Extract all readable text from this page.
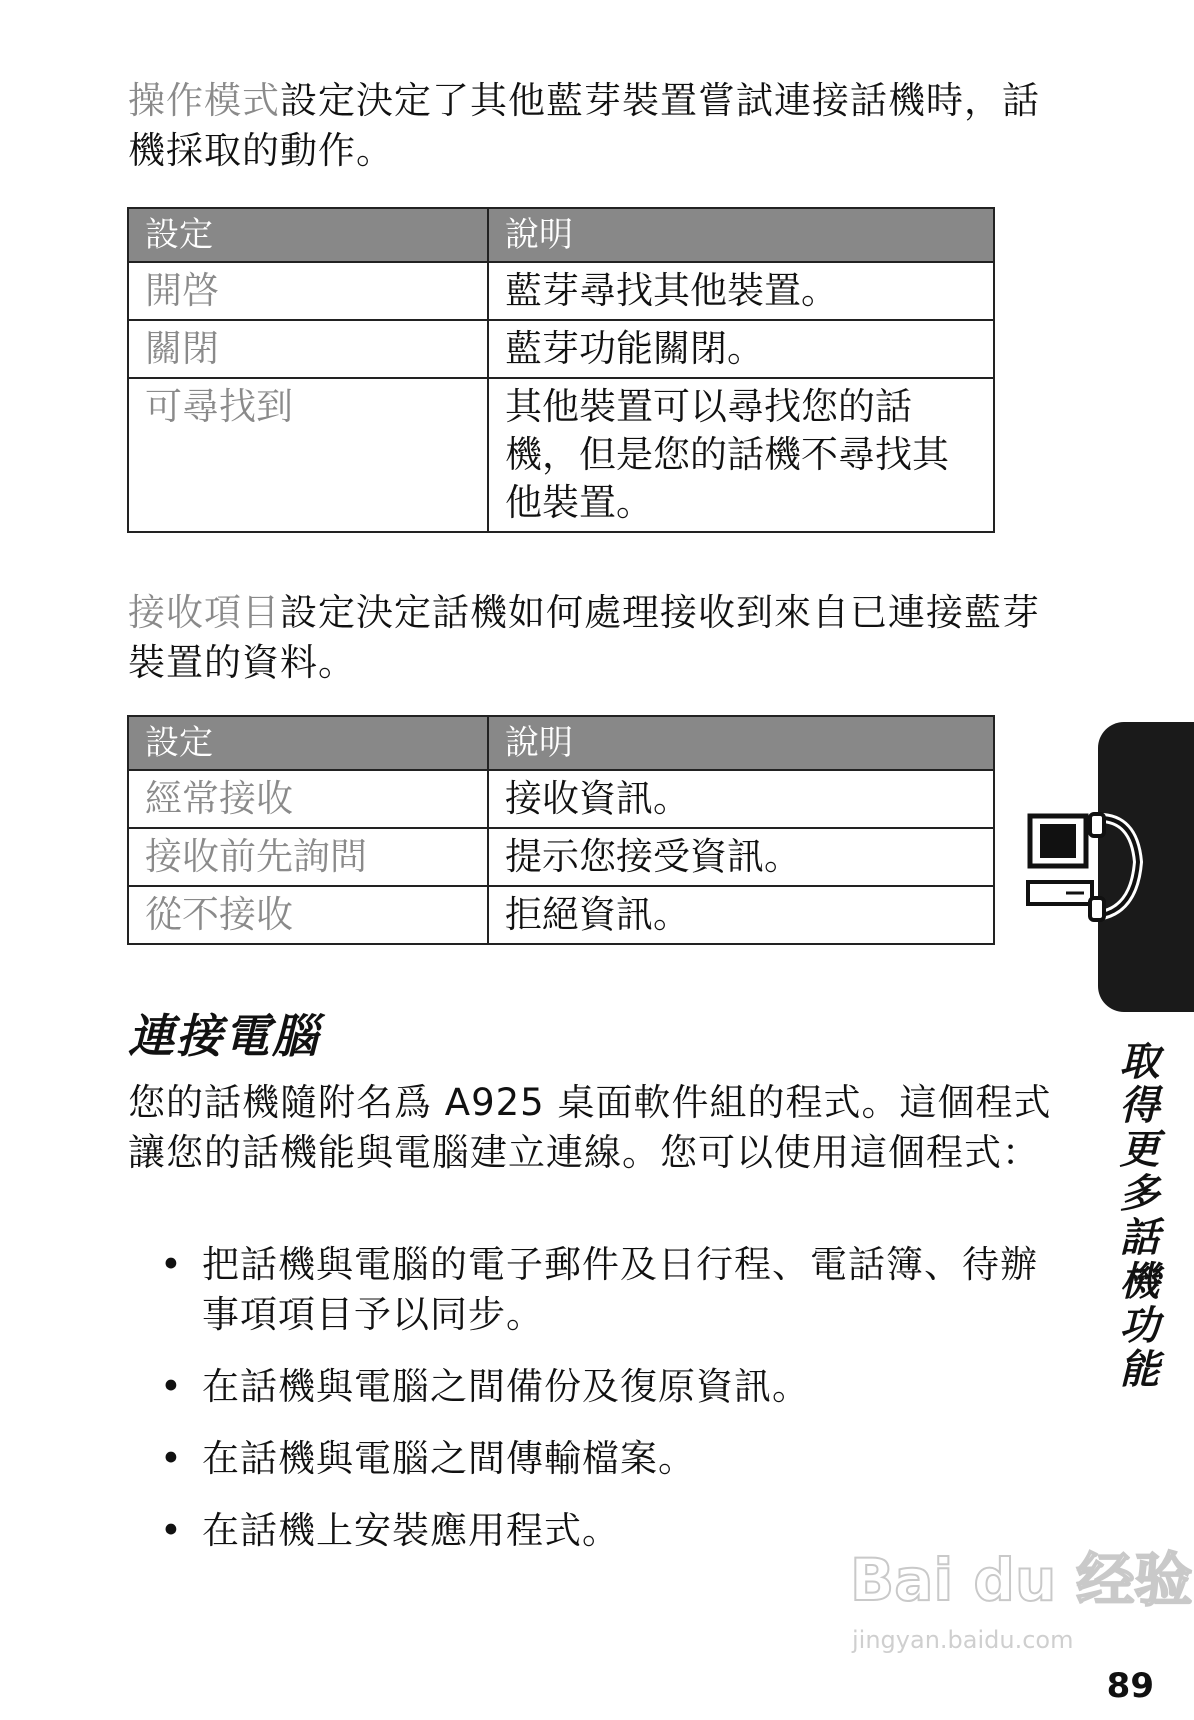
操作模式設定決定了其他藍芽裝置嘗試連接話機時，話機採取的動作。

設定	說明
開啓	藍芽尋找其他裝置。
關閉	藍芽功能關閉。
可尋找到	其他裝置可以尋找您的話機，但是您的話機不尋找其他裝置。

接收項目設定決定話機如何處理接收到來自已連接藍芽裝置的資料。

設定	說明
經常接收	接收資訊。
接收前先詢問	提示您接受資訊。
從不接收	拒絕資訊。
連接電腦

您的話機隨附名爲 A925 桌面軟件組的程式。這個程式讓您的話機能與電腦建立連線。您可以使用這個程式：

• 把話機與電腦的電子郵件及日行程、電話簿、待辦事項項目予以同步。
• 在話機與電腦之間備份及復原資訊。
• 在話機與電腦之間傳輸檔案。
• 在話機上安裝應用程式。
取得更多話機功能
Bai du 经验
jingyan.baidu.com
89
